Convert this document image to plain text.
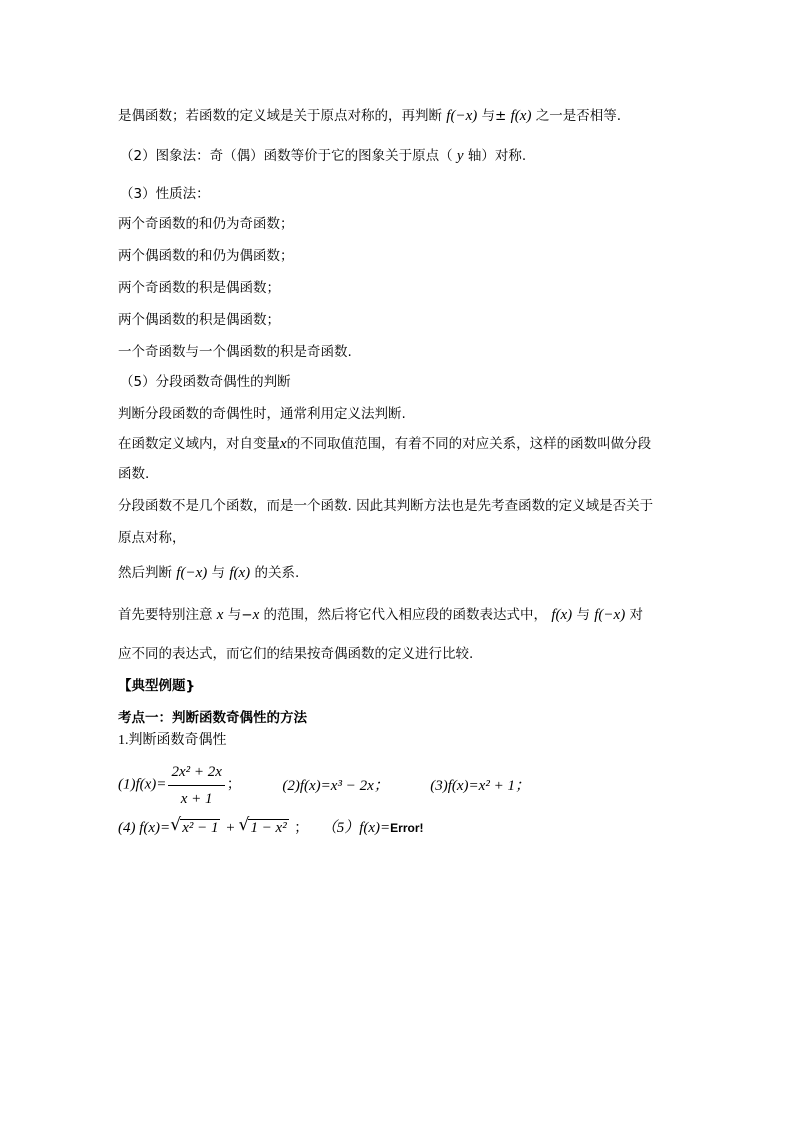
是偶函数；若函数的定义域是关于原点对称的，再判断 f(−x) 与± f(x) 之一是否相等.
（2）图象法：奇（偶）函数等价于它的图象关于原点（ y 轴）对称.
（3）性质法：
两个奇函数的和仍为奇函数；
两个偶函数的和仍为偶函数；
两个奇函数的积是偶函数；
两个偶函数的积是偶函数；
一个奇函数与一个偶函数的积是奇函数.
（5）分段函数奇偶性的判断
判断分段函数的奇偶性时，通常利用定义法判断.
在函数定义域内，对自变量x的不同取值范围，有着不同的对应关系，这样的函数叫做分段
函数.
分段函数不是几个函数，而是一个函数. 因此其判断方法也是先考查函数的定义域是否关于
原点对称，
然后判断 f(−x) 与 f(x) 的关系.
首先要特别注意 x 与−x 的范围，然后将它代入相应段的函数表达式中， f(x) 与 f(−x) 对
应不同的表达式，而它们的结果按奇偶函数的定义进行比较.
【典型例题}
考点一：判断函数奇偶性的方法
1.判断函数奇偶性
$(1)f(x)= \frac{\text{2x² + 2x}}{x + 1}$ ；	(2)f(x)=x³ − 2x；	(3)f(x)=x² + 1；
(4) f(x)= √ x² − 1 + √ 1 − x² ； （5）f(x)=Error!
